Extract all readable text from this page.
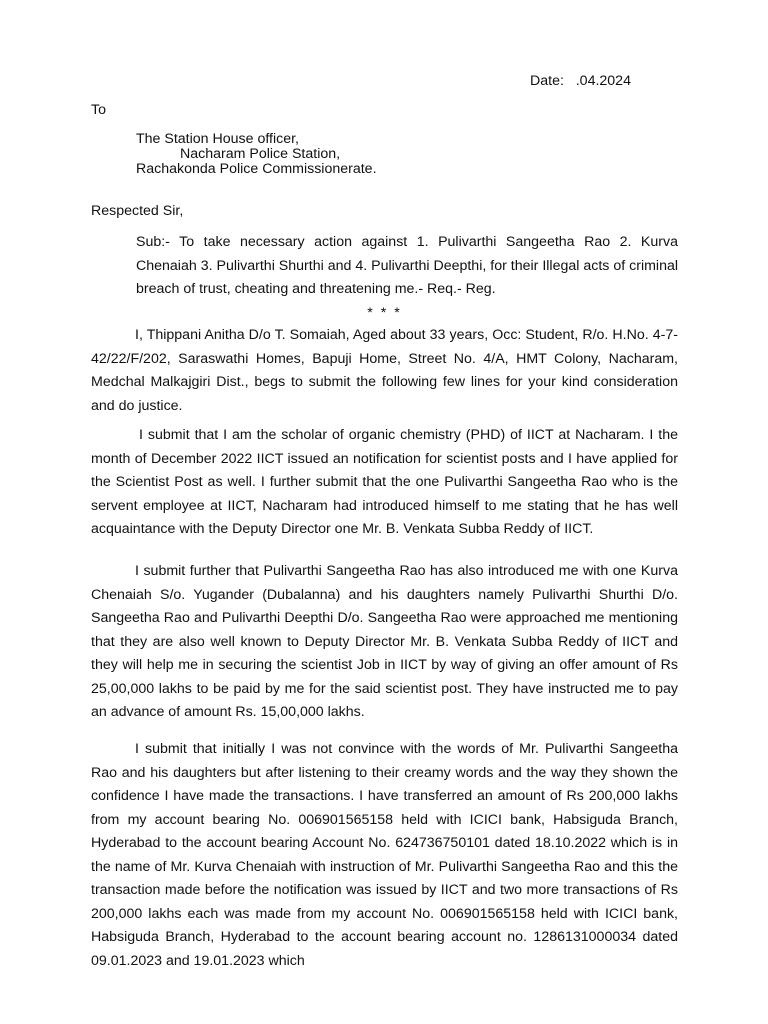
Date:   .04.2024
To
The Station House officer,
Nacharam Police Station,
Rachakonda Police Commissionerate.
Respected Sir,
Sub:- To take necessary action against 1. Pulivarthi Sangeetha Rao 2. Kurva Chenaiah 3. Pulivarthi Shurthi and 4. Pulivarthi Deepthi, for their Illegal acts of criminal breach of trust, cheating and threatening me.- Req.- Reg.
* * *

I, Thippani Anitha D/o T. Somaiah, Aged about 33 years, Occ: Student, R/o. H.No. 4-7-42/22/F/202, Saraswathi Homes, Bapuji Home, Street No. 4/A, HMT Colony, Nacharam, Medchal Malkajgiri Dist., begs to submit the following few lines for your kind consideration and do justice.

I submit that I am the scholar of organic chemistry (PHD) of IICT at Nacharam. I the month of December 2022 IICT issued an notification for scientist posts and I have applied for the Scientist Post as well. I further submit that the one Pulivarthi Sangeetha Rao who is the servent employee at IICT, Nacharam had introduced himself to me stating that he has well acquaintance with the Deputy Director one Mr. B. Venkata Subba Reddy of IICT.

I submit further that Pulivarthi Sangeetha Rao has also introduced me with one Kurva Chenaiah S/o. Yugander (Dubalanna) and his daughters namely Pulivarthi Shurthi D/o. Sangeetha Rao and Pulivarthi Deepthi D/o. Sangeetha Rao were approached me mentioning that they are also well known to Deputy Director Mr. B. Venkata Subba Reddy of IICT and they will help me in securing the scientist Job in IICT by way of giving an offer amount of Rs 25,00,000 lakhs to be paid by me for the said scientist post. They have instructed me to pay an advance of amount Rs. 15,00,000 lakhs.

I submit that initially I was not convince with the words of Mr. Pulivarthi Sangeetha Rao and his daughters but after listening to their creamy words and the way they shown the confidence I have made the transactions. I have transferred an amount of Rs 200,000 lakhs from my account bearing No. 006901565158 held with ICICI bank, Habsiguda Branch, Hyderabad to the account bearing Account No. 624736750101 dated 18.10.2022 which is in the name of Mr. Kurva Chenaiah with instruction of Mr. Pulivarthi Sangeetha Rao and this the transaction made before the notification was issued by IICT and two more transactions of Rs 200,000 lakhs each was made from my account No. 006901565158 held with ICICI bank, Habsiguda Branch, Hyderabad to the account bearing account no. 1286131000034 dated 09.01.2023 and 19.01.2023 which
